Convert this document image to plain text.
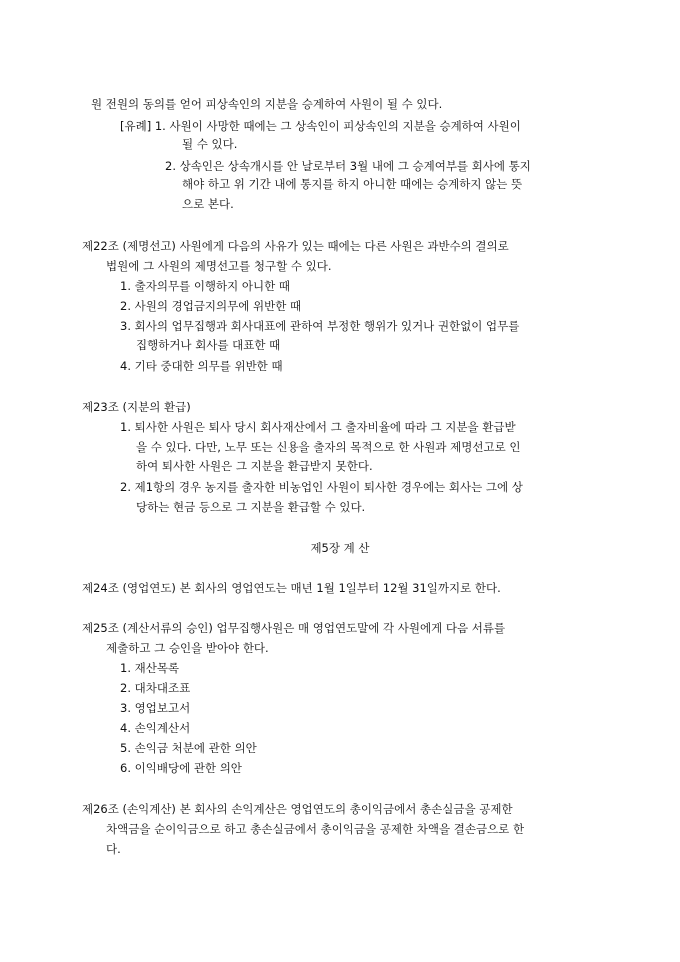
원 전원의 동의를 얻어 피상속인의 지분을 승계하여 사원이 될 수 있다.
[유례] 1. 사원이 사망한 때에는 그 상속인이 피상속인의 지분을 승계하여 사원이
될 수 있다.
2. 상속인은 상속개시를 안 날로부터 3월 내에 그 승계여부를 회사에 통지
해야 하고 위 기간 내에 통지를 하지 아니한 때에는 승계하지 않는 뜻
으로 본다.
제22조 (제명선고) 사원에게 다음의 사유가 있는 때에는 다른 사원은 과반수의 결의로
법원에 그 사원의 제명선고를 청구할 수 있다.
1. 출자의무를 이행하지 아니한 때
2. 사원의 경업금지의무에 위반한 때
3. 회사의 업무집행과 회사대표에 관하여 부정한 행위가 있거나 권한없이 업무를
집행하거나 회사를 대표한 때
4. 기타 중대한 의무를 위반한 때
제23조 (지분의 환급)
1. 퇴사한 사원은 퇴사 당시 회사재산에서 그 출자비율에 따라 그 지분을 환급받
을 수 있다. 다만, 노무 또는 신용을 출자의 목적으로 한 사원과 제명선고로 인
하여 퇴사한 사원은 그 지분을 환급받지 못한다.
2. 제1항의 경우 농지를 출자한 비농업인 사원이 퇴사한 경우에는 회사는 그에 상
당하는 현금 등으로 그 지분을 환급할 수 있다.
제5장 계 산
제24조 (영업연도) 본 회사의 영업연도는 매년 1월 1일부터 12월 31일까지로 한다.
제25조 (계산서류의 승인) 업무집행사원은 매 영업연도말에 각 사원에게 다음 서류를
제출하고 그 승인을 받아야 한다.
1. 재산목록
2. 대차대조표
3. 영업보고서
4. 손익계산서
5. 손익금 처분에 관한 의안
6. 이익배당에 관한 의안
제26조 (손익계산) 본 회사의 손익계산은 영업연도의 총이익금에서 총손실금을 공제한
차액금을 순이익금으로 하고 총손실금에서 총이익금을 공제한 차액을 결손금으로 한
다.
